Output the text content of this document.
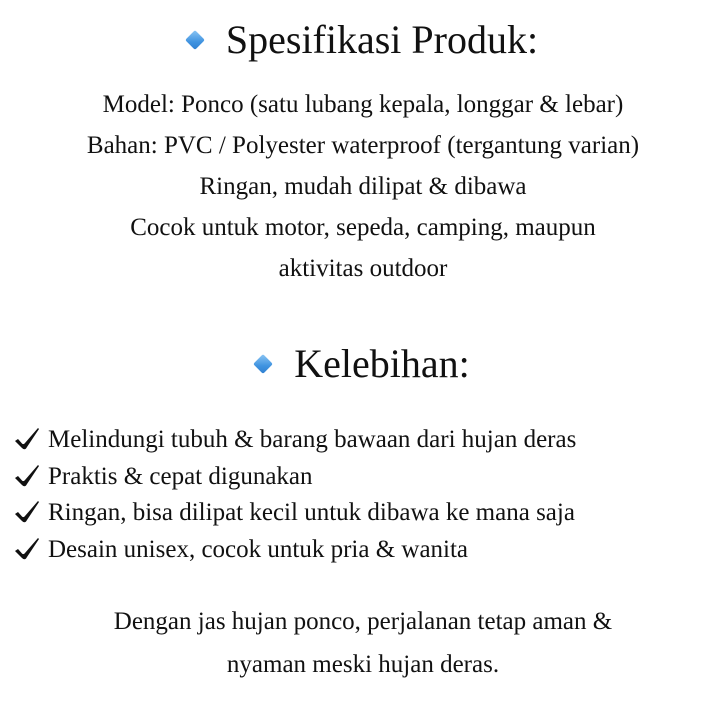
Spesifikasi Produk:
Model: Ponco (satu lubang kepala, longgar & lebar)
Bahan: PVC / Polyester waterproof (tergantung varian)
Ringan, mudah dilipat & dibawa
Cocok untuk motor, sepeda, camping, maupun
aktivitas outdoor
Kelebihan:
Melindungi tubuh & barang bawaan dari hujan deras
Praktis & cepat digunakan
Ringan, bisa dilipat kecil untuk dibawa ke mana saja
Desain unisex, cocok untuk pria & wanita
Dengan jas hujan ponco, perjalanan tetap aman &
nyaman meski hujan deras.
